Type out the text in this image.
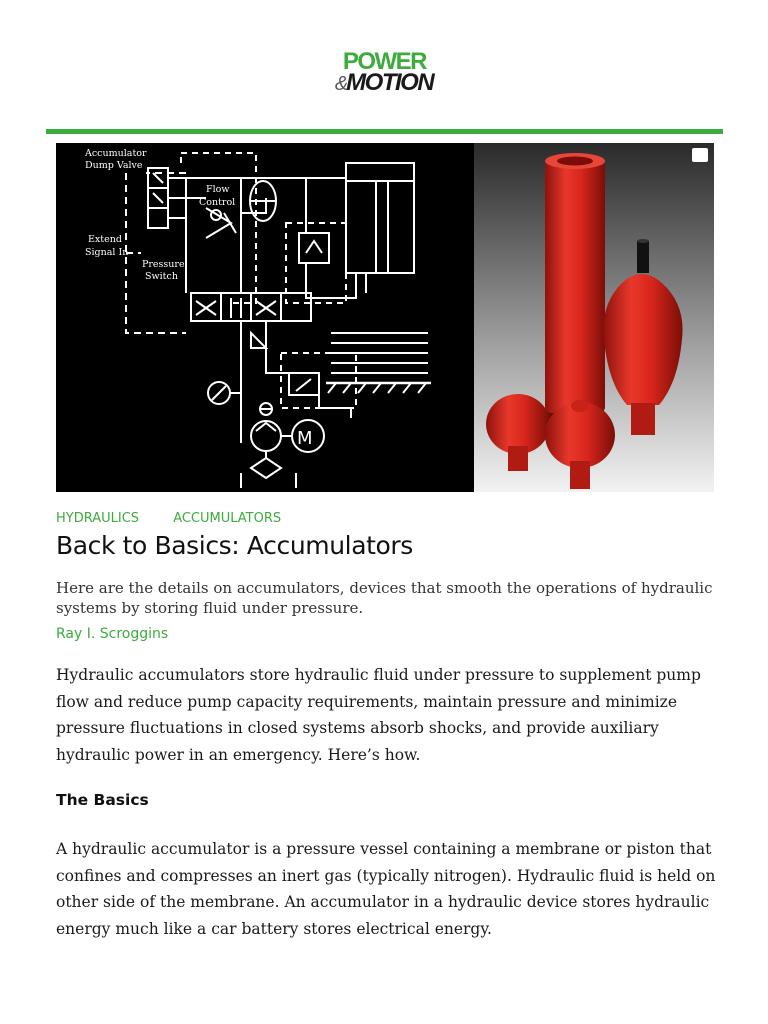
POWER
&MOTION
Accumulator
Dump Valve
Flow
Control
Extend
Signal In
Pressure
Switch
M
HYDRAULICS	ACCUMULATORS
Back to Basics: Accumulators

Here are the details on accumulators, devices that smooth the operations of hydraulic systems by storing fluid under pressure.

Ray I. Scroggins

Hydraulic accumulators store hydraulic fluid under pressure to supplement pump flow and reduce pump capacity requirements, maintain pressure and minimize pressure fluctuations in closed systems absorb shocks, and provide auxiliary hydraulic power in an emergency. Here’s how.

The Basics

A hydraulic accumulator is a pressure vessel containing a membrane or piston that confines and compresses an inert gas (typically nitrogen). Hydraulic fluid is held on other side of the membrane. An accumulator in a hydraulic device stores hydraulic energy much like a car battery stores electrical energy.
